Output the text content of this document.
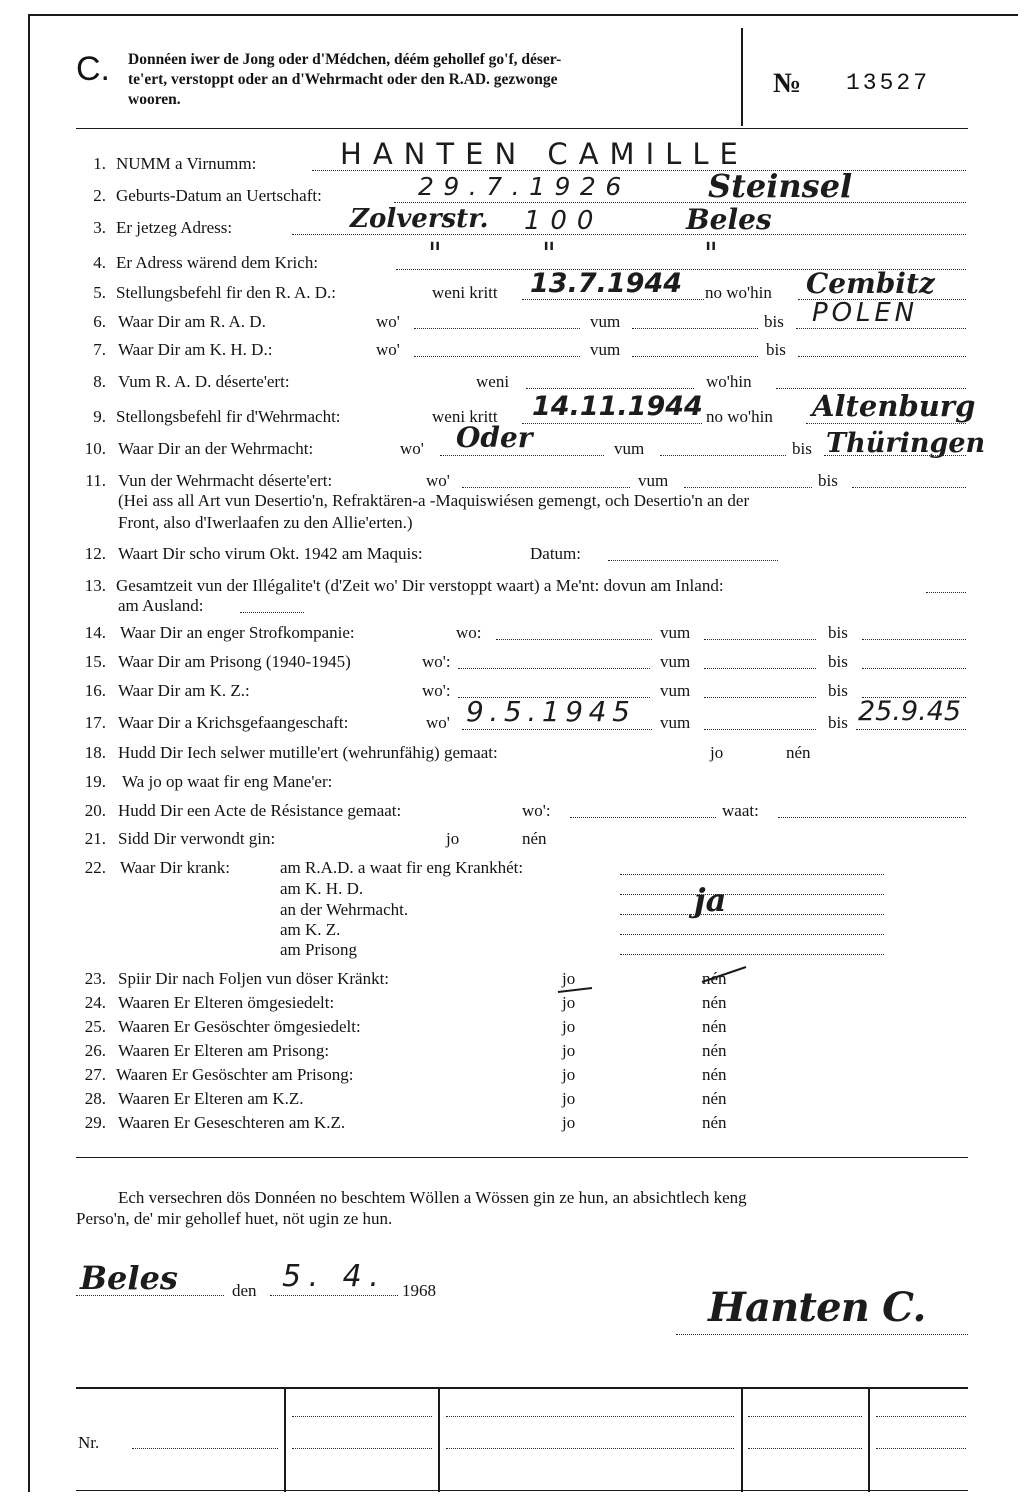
C. Donnéen iwer de Jong oder d'Médchen, déém gehollef go'f, déser-
te'ert, verstoppt oder an d'Wehrmacht oder den R.AD. gezwonge
wooren.
№ 13527
1. NUMM a Virnumm:	HANTEN CAMILLE
2. Geburts-Datum an Uertschaft:	29.7.1926 Steinsel
3. Er jetzeg Adress:	Zolverstr. 100	Beles
4. Er Adress wärend dem Krich:	"	"	"
5. Stellungsbefehl fir den R. A. D.:	weni kritt 13.7.1944 no wo'hin Cembitz
6. Waar Dir am R. A. D.	wo'	vum	bis POLEN
7. Waar Dir am K. H. D.:	wo'	vum	bis
8. Vum R. A. D. déserte'ert:	weni	wo'hin
9. Stellongsbefehl fir d'Wehrmacht:	weni kritt 14.11.1944 no wo'hin Altenburg
10. Waar Dir an der Wehrmacht:	wo' Oder	vum	bis Thüringen
11. Vun der Wehrmacht déserte'ert:	wo'	vum	bis
(Hei ass all Art vun Desertio'n, Refraktären-a -Maquiswiésen gemengt, och Desertio'n an der
Front, also d'Iwerlaafen zu den Allie'erten.)
12. Waart Dir scho virum Okt. 1942 am Maquis:	Datum:
13. Gesamtzeit vun der Illégalite't (d'Zeit wo' Dir verstoppt waart) a Me'nt: dovun am Inland:
am Ausland:
14. Waar Dir an enger Strofkompanie:	wo:	vum	bis
15. Waar Dir am Prisong (1940-1945)	wo':	vum	bis
16. Waar Dir am K. Z.:	wo':	vum	bis
17. Waar Dir a Krichsgefaangeschaft:	wo' 9.5.1945 vum	bis 25.9.45
18. Hudd Dir Iech selwer mutille'ert (wehrunfähig) gemaat:	jo	nén
19. Wa jo op waat fir eng Mane'er:
20. Hudd Dir een Acte de Résistance gemaat:	wo':	waat:
21. Sidd Dir verwondt gin:	jo	nén
22. Waar Dir krank:	am R.A.D. a waat fir eng Krankhét:
am K. H. D.
an der Wehrmacht.	ja
am K. Z.
am Prisong
23. Spiir Dir nach Foljen vun döser Kränkt:	jo	nén
24. Waaren Er Elteren ömgesiedelt:	jo	nén
25. Waaren Er Gesöschter ömgesiedelt:	jo	nén
26. Waaren Er Elteren am Prisong:	jo	nén
27. Waaren Er Gesöschter am Prisong:	jo	nén
28. Waaren Er Elteren am K.Z.	jo	nén
29. Waaren Er Geseschteren am K.Z.	jo	nén
Ech versechren dös Donnéen no beschtem Wöllen a Wössen gin ze hun, an absichtlech keng
Perso'n, de' mir gehollef huet, nöt ugin ze hun.
Beles	den 5. 4. 1968	Hanten C.
Nr.
